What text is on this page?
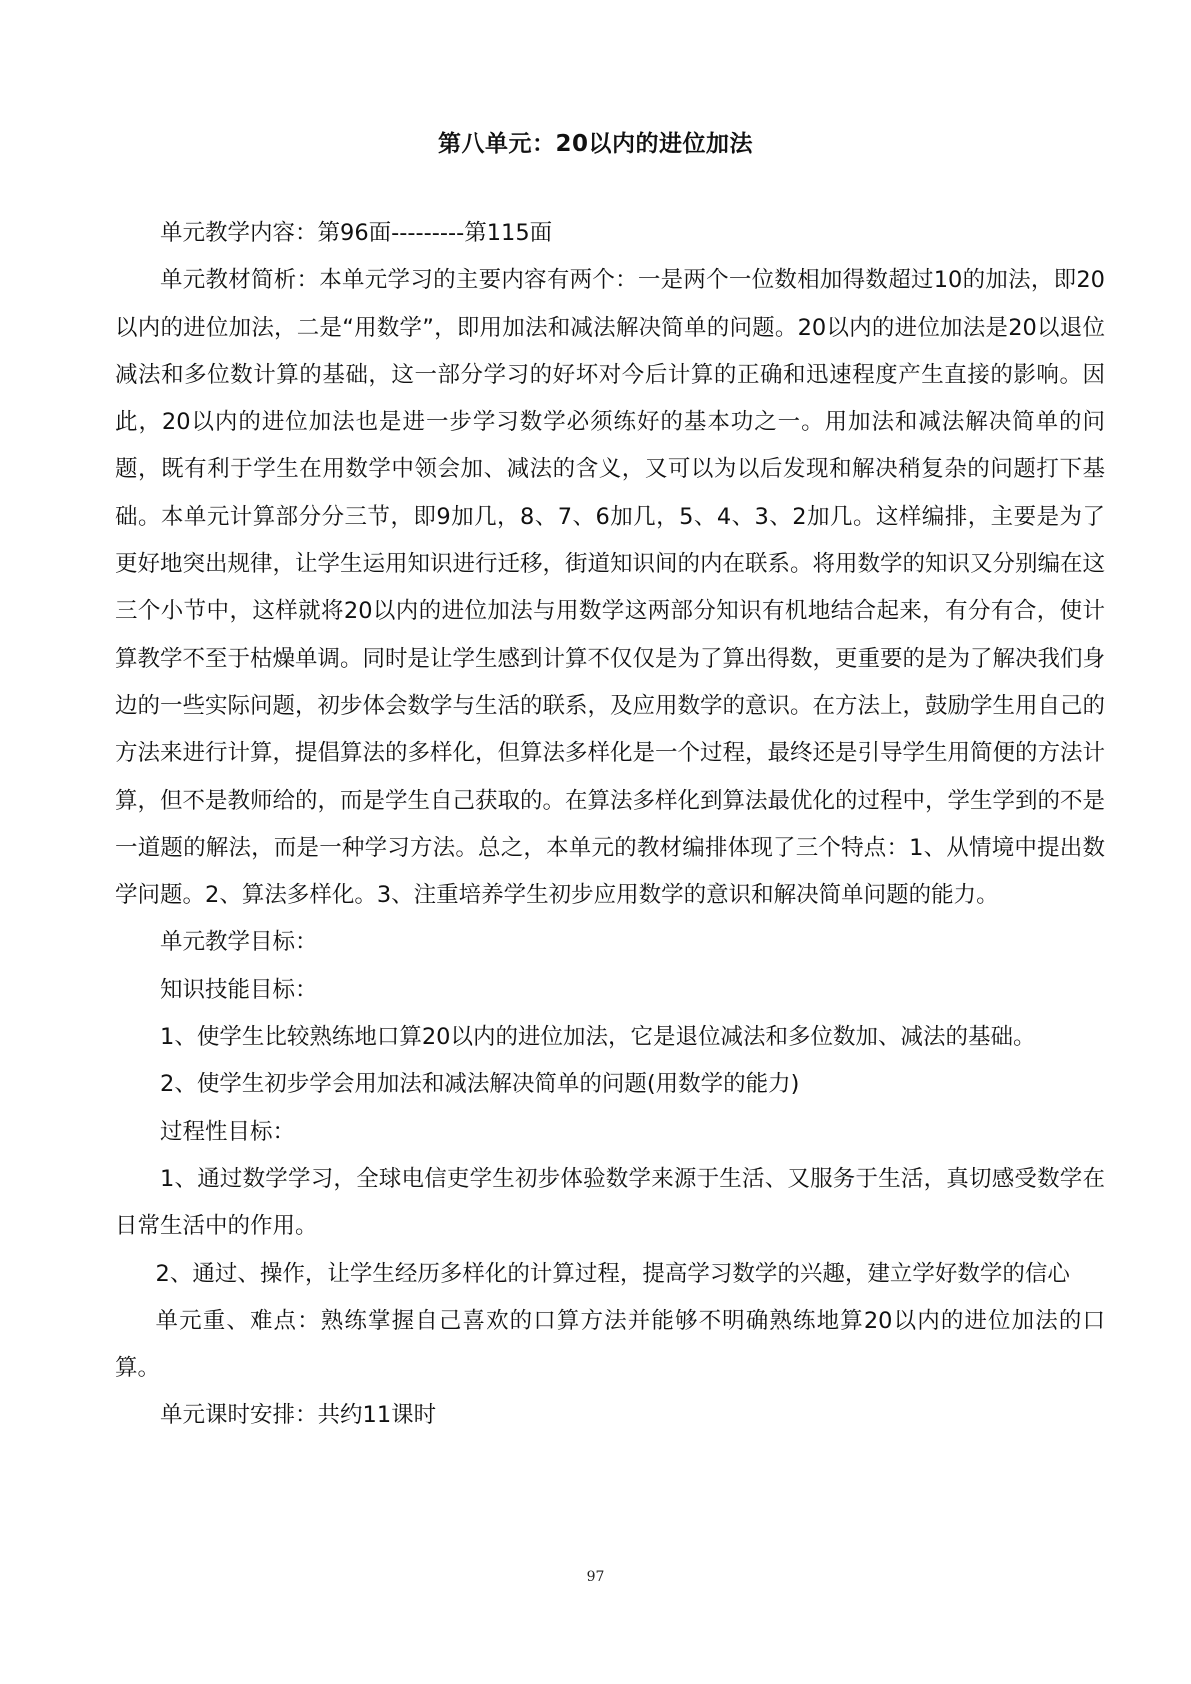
第八单元：20以内的进位加法

单元教学内容：第96面---------第115面

单元教材简析：本单元学习的主要内容有两个：一是两个一位数相加得数超过10的加法，即20以内的进位加法，二是“用数学”，即用加法和减法解决简单的问题。20以内的进位加法是20以退位减法和多位数计算的基础，这一部分学习的好坏对今后计算的正确和迅速程度产生直接的影响。因此，20以内的进位加法也是进一步学习数学必须练好的基本功之一。用加法和减法解决简单的问题，既有利于学生在用数学中领会加、减法的含义，又可以为以后发现和解决稍复杂的问题打下基础。本单元计算部分分三节，即9加几，8、7、6加几，5、4、3、2加几。这样编排，主要是为了更好地突出规律，让学生运用知识进行迁移，街道知识间的内在联系。将用数学的知识又分别编在这三个小节中，这样就将20以内的进位加法与用数学这两部分知识有机地结合起来，有分有合，使计算教学不至于枯燥单调。同时是让学生感到计算不仅仅是为了算出得数，更重要的是为了解决我们身边的一些实际问题，初步体会数学与生活的联系，及应用数学的意识。在方法上，鼓励学生用自己的方法来进行计算，提倡算法的多样化，但算法多样化是一个过程，最终还是引导学生用简便的方法计算，但不是教师给的，而是学生自己获取的。在算法多样化到算法最优化的过程中，学生学到的不是一道题的解法，而是一种学习方法。总之，本单元的教材编排体现了三个特点：1、从情境中提出数学问题。2、算法多样化。3、注重培养学生初步应用数学的意识和解决简单问题的能力。

单元教学目标：

知识技能目标：

1、使学生比较熟练地口算20以内的进位加法，它是退位减法和多位数加、减法的基础。

2、使学生初步学会用加法和减法解决简单的问题(用数学的能力)

过程性目标：

1、通过数学学习，全球电信吏学生初步体验数学来源于生活、又服务于生活，真切感受数学在日常生活中的作用。

2、通过、操作，让学生经历多样化的计算过程，提高学习数学的兴趣，建立学好数学的信心

单元重、难点：熟练掌握自己喜欢的口算方法并能够不明确熟练地算20以内的进位加法的口算。

单元课时安排：共约11课时

97
